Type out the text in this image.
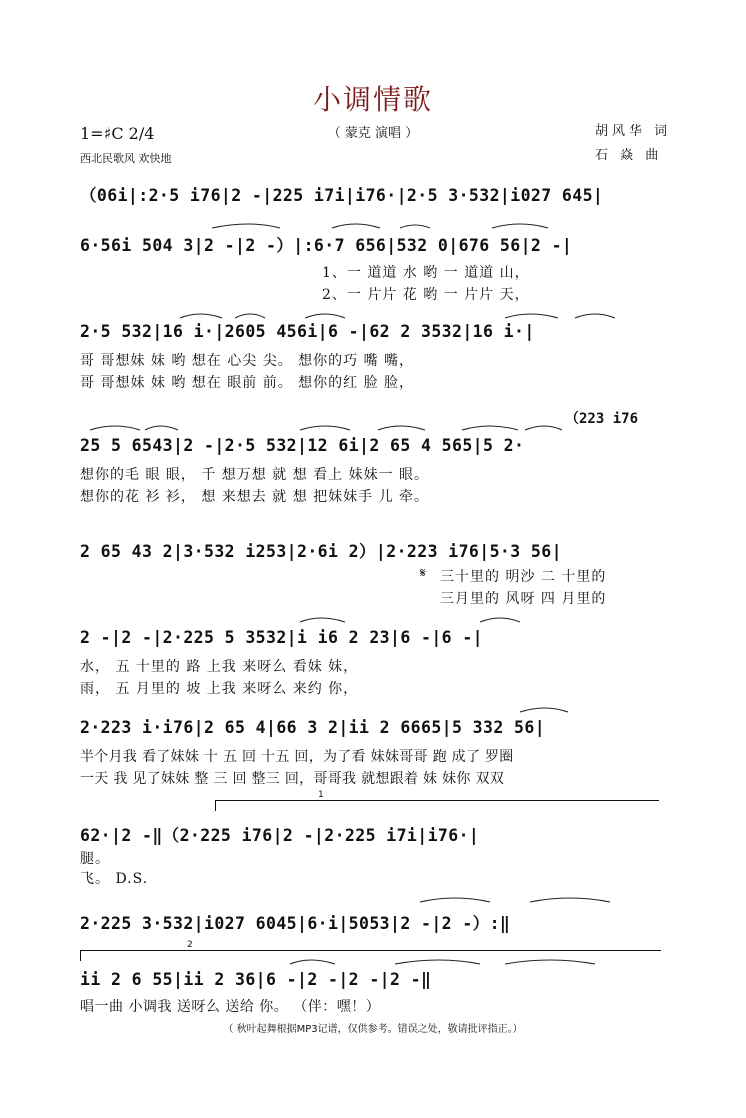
小调情歌
（ 蒙克 演唱 ）
1=♯C 2/4
西北民歌风 欢快地
胡风华 词
石 焱 曲
（06i|:2·5 i76|2 -|225 i7i|i76·|2·5 3·532|i027 645|
6·56i 504 3|2 -|2 -）|:6·7 656|532 0|676 56|2 -|
1、一 道道 水 哟 一 道道 山，
2、一 片片 花 哟 一 片片 天，
2·5 532|16 i·|2605 456i|6 -|62 2 3532|16 i·|
哥 哥想妹 妹 哟 想在 心尖 尖。 想你的巧 嘴 嘴，
哥 哥想妹 妹 哟 想在 眼前 前。 想你的红 脸 脸，
（223 i76
25 5 6543|2 -|2·5 532|12 6i|2 65 4 565|5 2·
想你的毛 眼 眼， 千 想万想 就 想 看上 妹妹一 眼。
想你的花 衫 衫， 想 来想去 就 想 把妹妹手 儿 牵。
2 65 43 2|3·532 i253|2·6i 2）|2·223 i76|5·3 56|
𝄋 三十里的 明沙 二 十里的
三月里的 风呀 四 月里的
2 -|2 -|2·225 5 3532|i i6 2 23|6 -|6 -|
水， 五 十里的 路 上我 来呀么 看妹 妹，
雨， 五 月里的 坡 上我 来呀么 来约 你，
2·223 i·i76|2 65 4|66 3 2|ii 2 6665|5 332 56|
半个月我 看了妹妹 十 五 回 十五 回，为了看 妹妹哥哥 跑 成了 罗圈
一天 我 见了妹妹 整 三 回 整三 回，哥哥我 就想跟着 妹 妹你 双双
1
62·|2 -‖（2·225 i76|2 -|2·225 i7i|i76·|
腿。
飞。 D.S.
2·225 3·532|i027 6045|6·i|5053|2 -|2 -）:‖
2
ii 2 6 55|ii 2 36|6 -|2 -|2 -|2 -‖
唱一曲 小调我 送呀么 送给 你。 （伴：嘿！）
（ 秋叶起舞根据MP3记谱，仅供参考。错误之处，敬请批评指正。）
